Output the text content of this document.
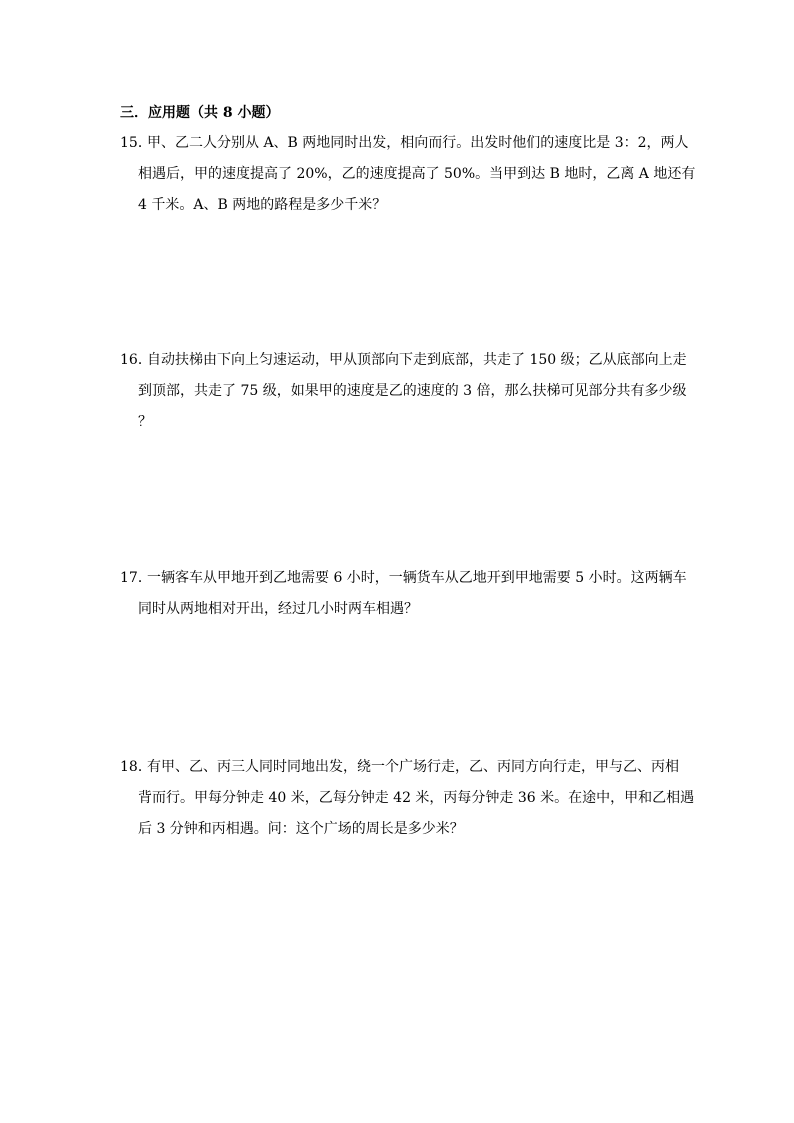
三．应用题（共 8 小题）
15．
甲、乙二人分别从 A、B 两地同时出发，相向而行。出发时他们的速度比是 3：2，两人
相遇后，甲的速度提高了 20%，乙的速度提高了 50%。当甲到达 B 地时，乙离 A 地还有
4 千米。A、B 两地的路程是多少千米？
16．
自动扶梯由下向上匀速运动，甲从顶部向下走到底部，共走了 150 级；乙从底部向上走
到顶部，共走了 75 级，如果甲的速度是乙的速度的 3 倍，那么扶梯可见部分共有多少级
？
17．
一辆客车从甲地开到乙地需要 6 小时，一辆货车从乙地开到甲地需要 5 小时。这两辆车
同时从两地相对开出，经过几小时两车相遇？
18．
有甲、乙、丙三人同时同地出发，绕一个广场行走，乙、丙同方向行走，甲与乙、丙相
背而行。甲每分钟走 40 米，乙每分钟走 42 米，丙每分钟走 36 米。在途中，甲和乙相遇
后 3 分钟和丙相遇。问：这个广场的周长是多少米？
